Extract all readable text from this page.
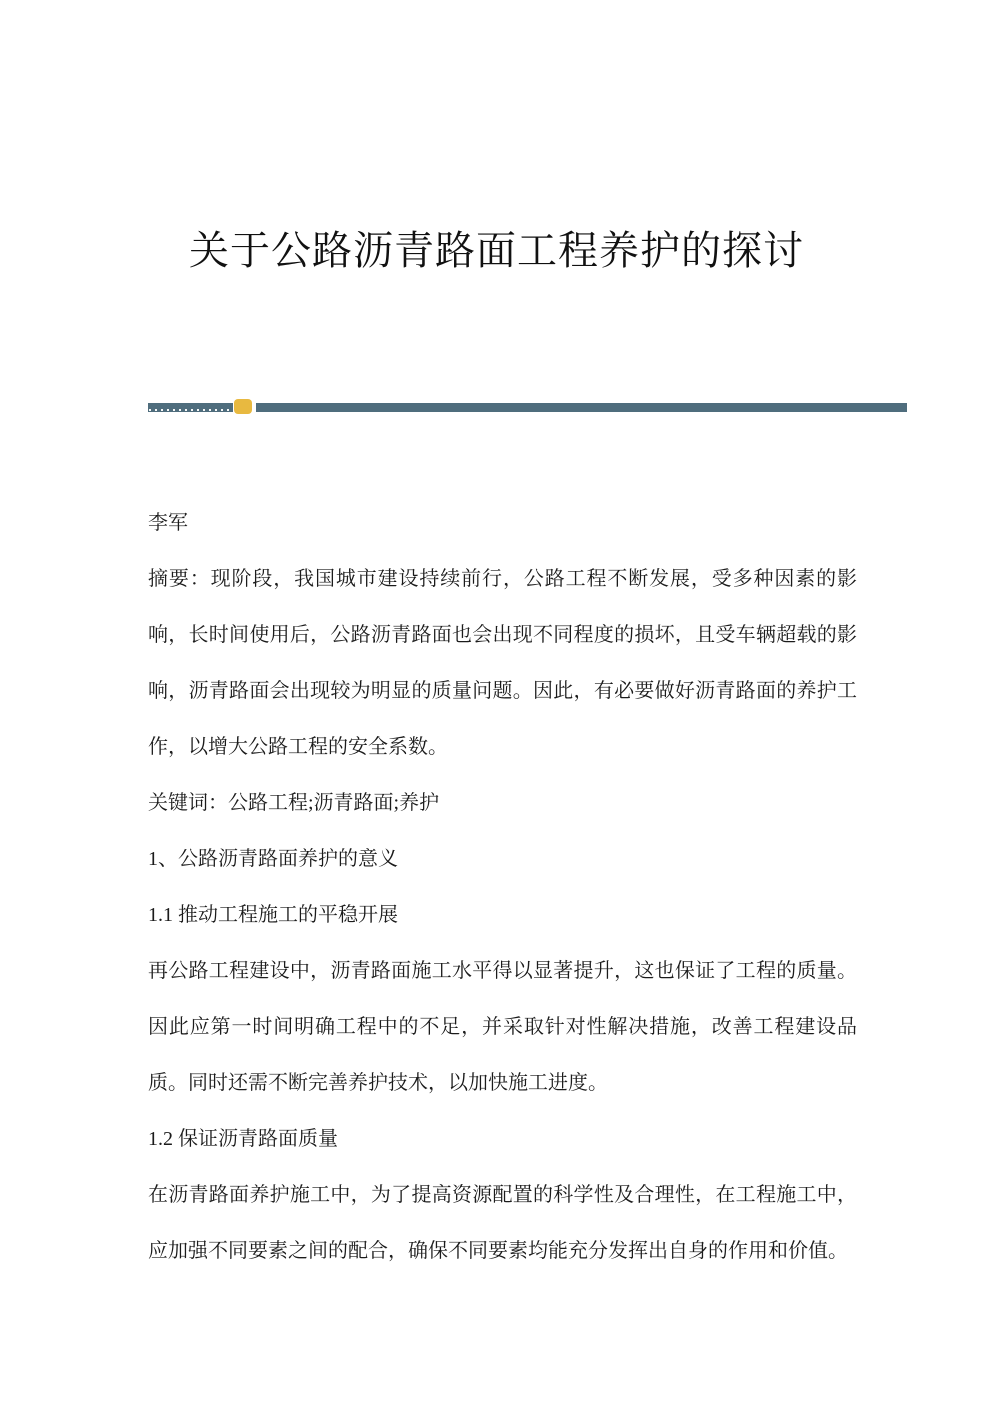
关于公路沥青路面工程养护的探讨

李军

摘要：现阶段，我国城市建设持续前行，公路工程不断发展，受多种因素的影响，长时间使用后，公路沥青路面也会出现不同程度的损坏，且受车辆超载的影响，沥青路面会出现较为明显的质量问题。因此，有必要做好沥青路面的养护工作，以增大公路工程的安全系数。

关键词：公路工程;沥青路面;养护

1、公路沥青路面养护的意义

1.1 推动工程施工的平稳开展

再公路工程建设中，沥青路面施工水平得以显著提升，这也保证了工程的质量。因此应第一时间明确工程中的不足，并采取针对性解决措施，改善工程建设品质。同时还需不断完善养护技术，以加快施工进度。

1.2 保证沥青路面质量

在沥青路面养护施工中，为了提高资源配置的科学性及合理性，在工程施工中，应加强不同要素之间的配合，确保不同要素均能充分发挥出自身的作用和价值。
